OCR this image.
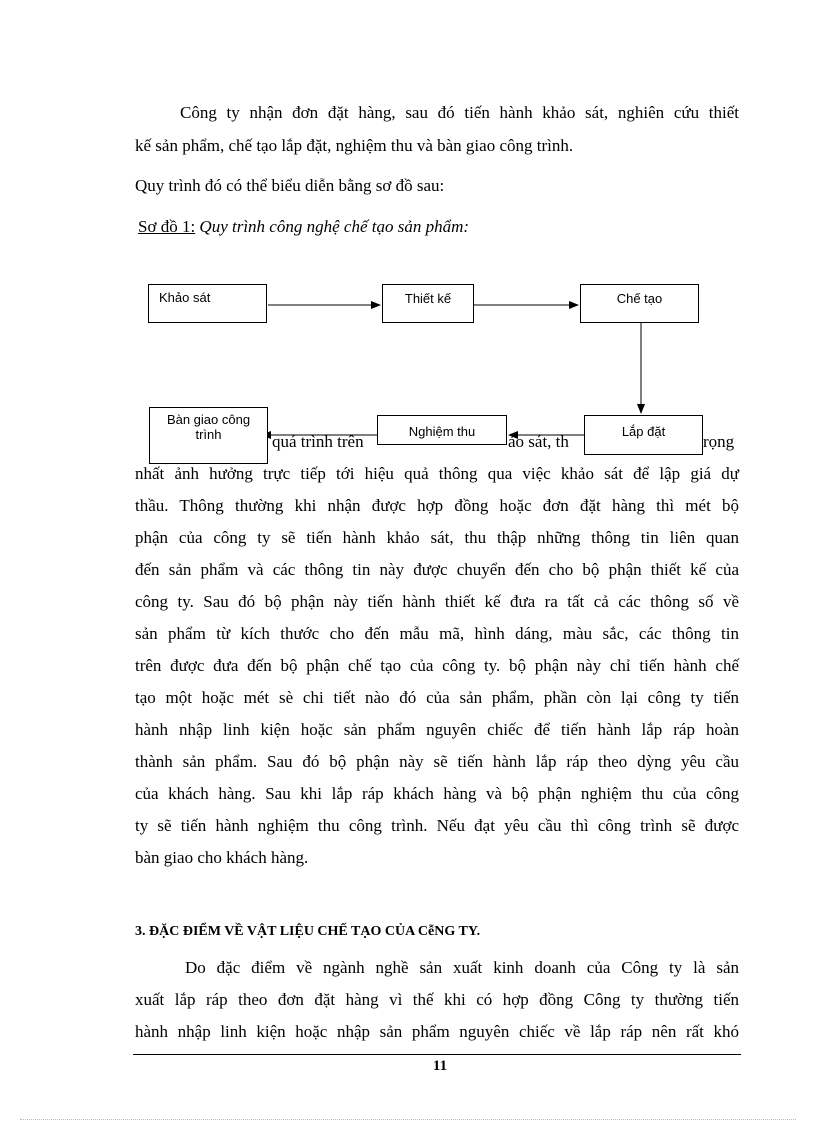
Công ty nhận đơn đặt hàng, sau đó tiến hành khảo sát, nghiên cứu thiết

kế sản phẩm, chế tạo lắp đặt, nghiệm thu và bàn giao công trình.

Quy trình đó có thể biểu diễn bằng sơ đồ sau:

Sơ đồ 1: Quy trình công nghệ chế tạo sản phẩm:

quá trình trên	ảo sát, th	rọng

Khảo sát	Thiết kế	Chế tạo
Lắp đặt
Nghiệm thu
Bàn giao công trình

nhất ảnh hưởng trực tiếp tới hiệu quả thông qua việc khảo sát để lập giá dự

thầu. Thông thường khi nhận được hợp đồng hoặc đơn đặt hàng thì mét bộ

phận của công ty sẽ tiến hành khảo sát, thu thập những thông tin liên quan

đến sản phẩm và các thông tin này được chuyển đến cho bộ phận thiết kế của

công ty. Sau đó bộ phận này tiến hành thiết kế đưa ra tất cả các thông số về

sản phẩm từ kích thước cho đến mẫu mã, hình dáng, màu sắc, các thông tin

trên được đưa đến bộ phận chế tạo của công ty. bộ phận này chỉ tiến hành chế

tạo một hoặc mét sè chi tiết nào đó của sản phẩm, phần còn lại công ty tiến

hành nhập linh kiện hoặc sản phẩm nguyên chiếc để tiến hành lắp ráp hoàn

thành sản phẩm. Sau đó bộ phận này sẽ tiến hành lắp ráp theo dỳng yêu cầu

của khách hàng. Sau khi lắp ráp khách hàng và bộ phận nghiệm thu của công

ty sẽ tiến hành nghiệm thu công trình. Nếu đạt yêu cầu thì công trình sẽ được

bàn giao cho khách hàng.

3. ĐẶC ĐIỂM VỀ VẬT LIỆU CHẾ TẠO CỦA CễNG TY.

Do đặc điểm về ngành nghề sản xuất kinh doanh của Công ty là sản

xuất lắp ráp theo đơn đặt hàng vì thế khi có hợp đồng Công ty thường tiến

hành nhập linh kiện hoặc nhập sản phẩm nguyên chiếc về lắp ráp nên rất khó

11
